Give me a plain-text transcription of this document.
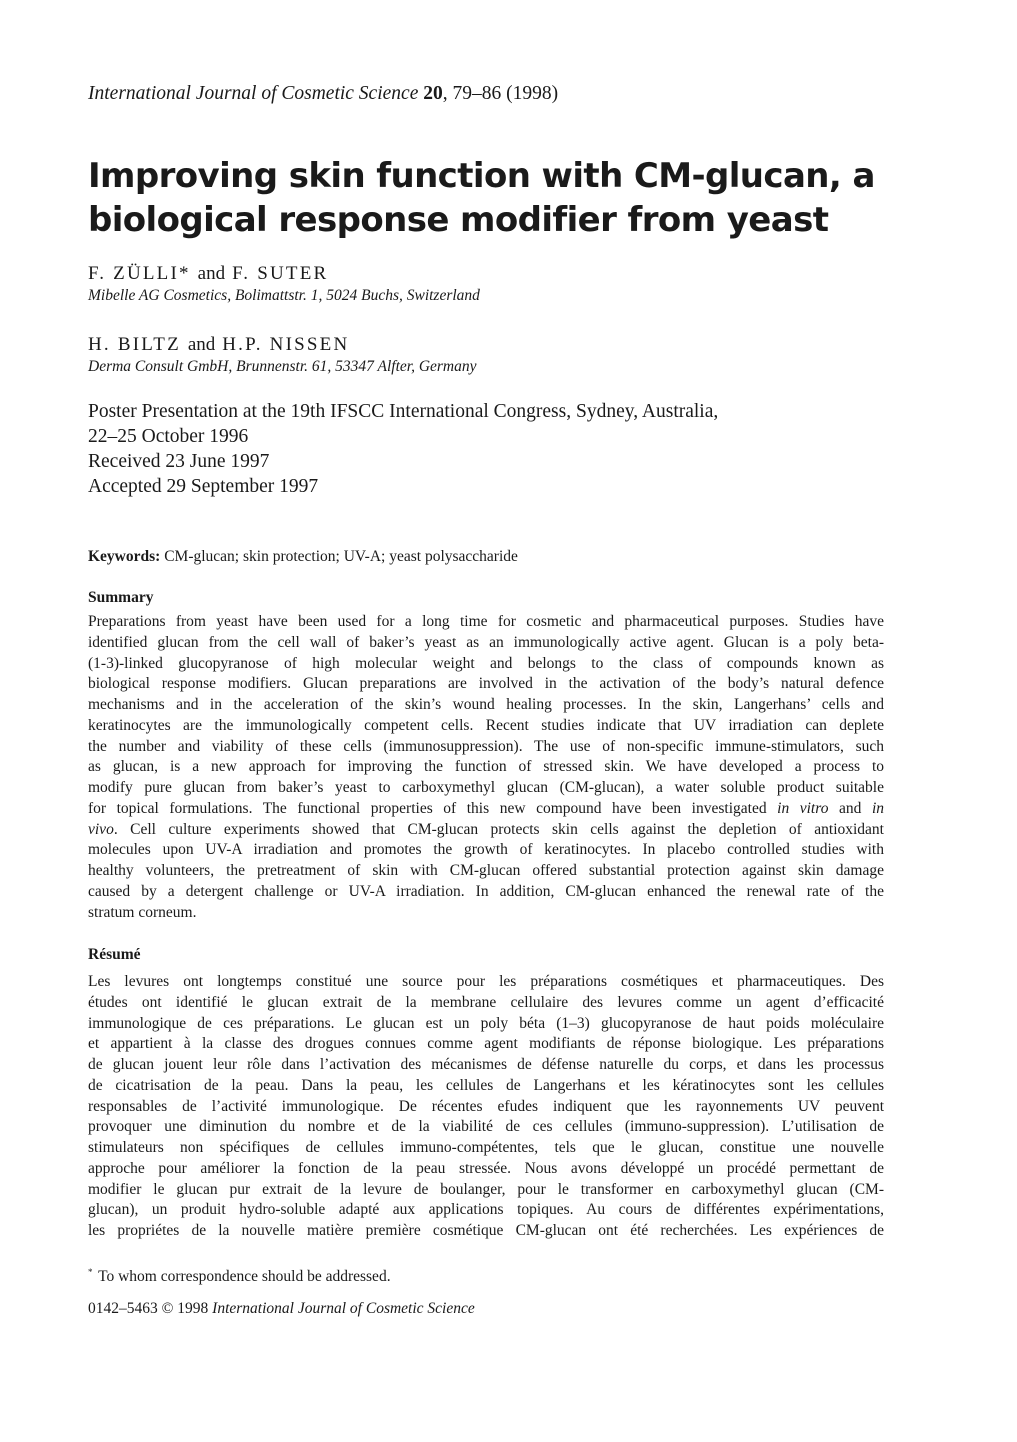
International Journal of Cosmetic Science 20, 79–86 (1998)
Improving skin function with CM-glucan, a
biological response modifier from yeast
F. ZÜLLI* and F. SUTER
Mibelle AG Cosmetics, Bolimattstr. 1, 5024 Buchs, Switzerland
H. BILTZ and H.P. NISSEN
Derma Consult GmbH, Brunnenstr. 61, 53347 Alfter, Germany
Poster Presentation at the 19th IFSCC International Congress, Sydney, Australia,
22–25 October 1996
Received 23 June 1997
Accepted 29 September 1997
Keywords: CM-glucan; skin protection; UV-A; yeast polysaccharide
Summary
Preparations from yeast have been used for a long time for cosmetic and pharmaceutical purposes. Studies have
identified glucan from the cell wall of baker’s yeast as an immunologically active agent. Glucan is a poly beta-
(1-3)-linked glucopyranose of high molecular weight and belongs to the class of compounds known as
biological response modifiers. Glucan preparations are involved in the activation of the body’s natural defence
mechanisms and in the acceleration of the skin’s wound healing processes. In the skin, Langerhans’ cells and
keratinocytes are the immunologically competent cells. Recent studies indicate that UV irradiation can deplete
the number and viability of these cells (immunosuppression). The use of non-specific immune-stimulators, such
as glucan, is a new approach for improving the function of stressed skin. We have developed a process to
modify pure glucan from baker’s yeast to carboxymethyl glucan (CM-glucan), a water soluble product suitable
for topical formulations. The functional properties of this new compound have been investigated in vitro and in
vivo. Cell culture experiments showed that CM-glucan protects skin cells against the depletion of antioxidant
molecules upon UV-A irradiation and promotes the growth of keratinocytes. In placebo controlled studies with
healthy volunteers, the pretreatment of skin with CM-glucan offered substantial protection against skin damage
caused by a detergent challenge or UV-A irradiation. In addition, CM-glucan enhanced the renewal rate of the
stratum corneum.
Résumé
Les levures ont longtemps constitué une source pour les préparations cosmétiques et pharmaceutiques. Des
études ont identifié le glucan extrait de la membrane cellulaire des levures comme un agent d’efficacité
immunologique de ces préparations. Le glucan est un poly béta (1–3) glucopyranose de haut poids moléculaire
et appartient à la classe des drogues connues comme agent modifiants de réponse biologique. Les préparations
de glucan jouent leur rôle dans l’activation des mécanismes de défense naturelle du corps, et dans les processus
de cicatrisation de la peau. Dans la peau, les cellules de Langerhans et les kératinocytes sont les cellules
responsables de l’activité immunologique. De récentes efudes indiquent que les rayonnements UV peuvent
provoquer une diminution du nombre et de la viabilité de ces cellules (immuno-suppression). L’utilisation de
stimulateurs non spécifiques de cellules immuno-compétentes, tels que le glucan, constitue une nouvelle
approche pour améliorer la fonction de la peau stressée. Nous avons développé un procédé permettant de
modifier le glucan pur extrait de la levure de boulanger, pour le transformer en carboxymethyl glucan (CM-
glucan), un produit hydro-soluble adapté aux applications topiques. Au cours de différentes expérimentations,
les propriétes de la nouvelle matière première cosmétique CM-glucan ont été recherchées. Les expériences de
* To whom correspondence should be addressed.
0142–5463 © 1998 International Journal of Cosmetic Science
